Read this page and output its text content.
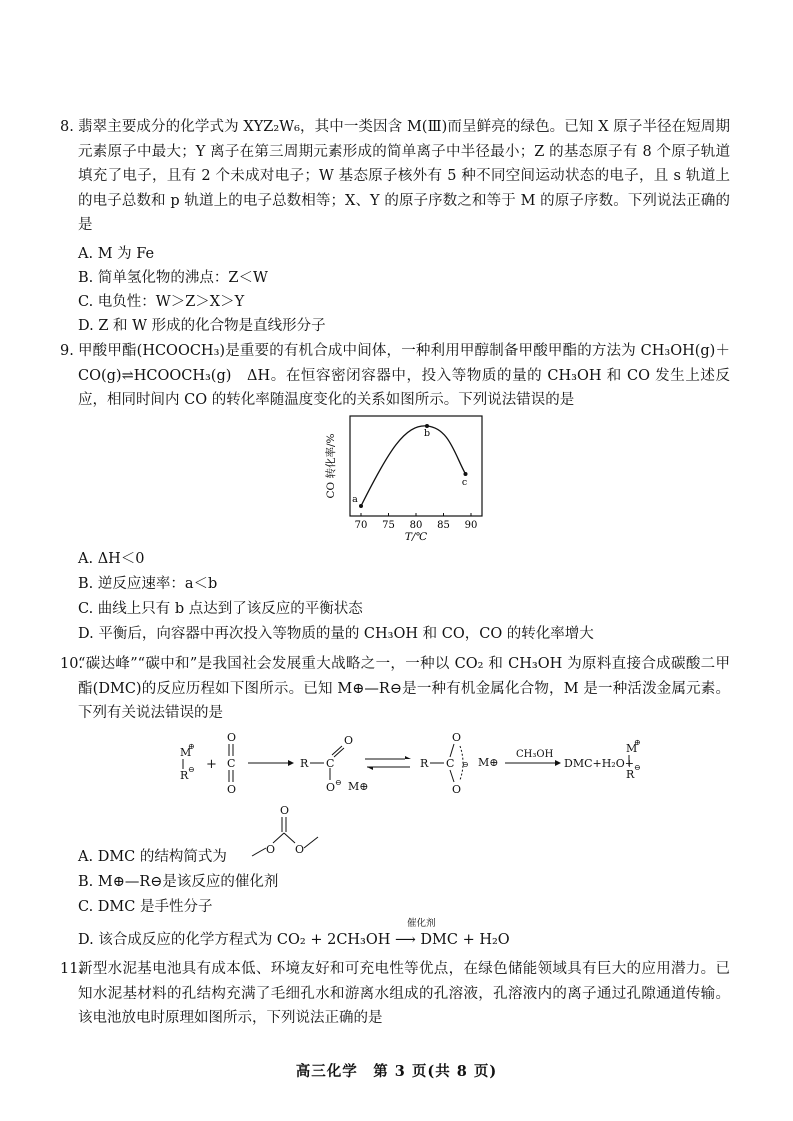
8. 翡翠主要成分的化学式为 XYZ₂W₆，其中一类因含 M(Ⅲ)而呈鲜亮的绿色。已知 X 原子半径在短周期元素原子中最大；Y 离子在第三周期元素形成的简单离子中半径最小；Z 的基态原子有 8 个原子轨道填充了电子，且有 2 个未成对电子；W 基态原子核外有 5 种不同空间运动状态的电子，且 s 轨道上的电子总数和 p 轨道上的电子总数相等；X、Y 的原子序数之和等于 M 的原子序数。下列说法正确的是
A. M 为 Fe
B. 简单氢化物的沸点：Z＜W
C. 电负性：W＞Z＞X＞Y
D. Z 和 W 形成的化合物是直线形分子
9. 甲酸甲酯(HCOOCH₃)是重要的有机合成中间体，一种利用甲醇制备甲酸甲酯的方法为 CH₃OH(g)＋CO(g)⇌HCOOCH₃(g)　ΔH。在恒容密闭容器中，投入等物质的量的 CH₃OH 和 CO 发生上述反应，相同时间内 CO 的转化率随温度变化的关系如图所示。下列说法错误的是
70 75 80 85 90
a
b
c
CO 转化率/%
T/℃
A. ΔH＜0
B. 逆反应速率：a＜b
C. 曲线上只有 b 点达到了该反应的平衡状态
D. 平衡后，向容器中再次投入等物质的量的 CH₃OH 和 CO，CO 的转化率增大
10.
“碳达峰”“碳中和”是我国社会发展重大战略之一，一种以 CO₂ 和 CH₃OH 为原料直接合成碳酸二甲酯(DMC)的反应历程如下图所示。已知 M⊕—R⊖是一种有机金属化合物，M 是一种活泼金属元素。下列有关说法错误的是
M
⊕
R ⊖ +
O
C
O
R C
O
O ⊖ M⊕
R C
O
O
⊖ M⊕
CH₃OH
DMC+H₂O+
M
⊕
R
⊖
A. DMC 的结构简式为
O
O O
B. M⊕—R⊖是该反应的催化剂
C. DMC 是手性分子
D. 该合成反应的化学方程式为 CO₂ + 2CH₃OH ⟶ DMC + H₂O
催化剂
11.
新型水泥基电池具有成本低、环境友好和可充电性等优点，在绿色储能领域具有巨大的应用潜力。已知水泥基材料的孔结构充满了毛细孔水和游离水组成的孔溶液，孔溶液内的离子通过孔隙通道传输。该电池放电时原理如图所示，下列说法正确的是
高三化学　第 3 页(共 8 页)
